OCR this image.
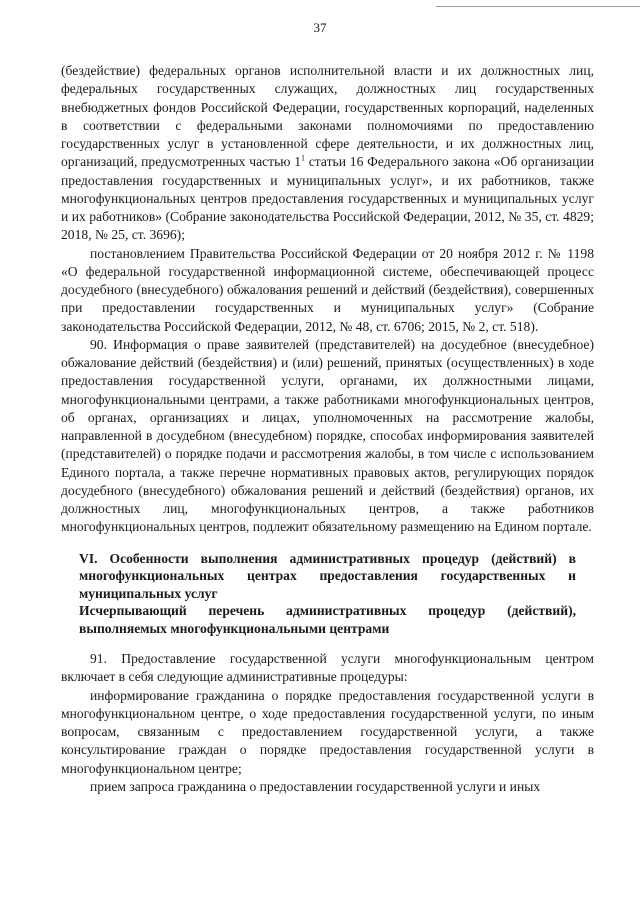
37

(бездействие) федеральных органов исполнительной власти и их должностных лиц, федеральных государственных служащих, должностных лиц государственных внебюджетных фондов Российской Федерации, государственных корпораций, наделенных в соответствии с федеральными законами полномочиями по предоставлению государственных услуг в установленной сфере деятельности, и их должностных лиц, организаций, предусмотренных частью $1^1$ статьи 16 Федерального закона «Об организации предоставления государственных и муниципальных услуг», и их работников, также многофункциональных центров предоставления государственных и муниципальных услуг и их работников» (Собрание законодательства Российской Федерации, 2012, № 35, ст. 4829; 2018, № 25, ст. 3696);

постановлением Правительства Российской Федерации от 20 ноября 2012 г. № 1198 «О федеральной государственной информационной системе, обеспечивающей процесс досудебного (внесудебного) обжалования решений и действий (бездействия), совершенных при предоставлении государственных и муниципальных услуг» (Собрание законодательства Российской Федерации, 2012, № 48, ст. 6706; 2015, № 2, ст. 518).

90. Информация о праве заявителей (представителей) на досудебное (внесудебное) обжалование действий (бездействия) и (или) решений, принятых (осуществленных) в ходе предоставления государственной услуги, органами, их должностными лицами, многофункциональными центрами, а также работниками многофункциональных центров, об органах, организациях и лицах, уполномоченных на рассмотрение жалобы, направленной в досудебном (внесудебном) порядке, способах информирования заявителей (представителей) о порядке подачи и рассмотрения жалобы, в том числе с использованием Единого портала, а также перечне нормативных правовых актов, регулирующих порядок досудебного (внесудебного) обжалования решений и действий (бездействия) органов, их должностных лиц, многофункциональных центров, а также работников многофункциональных центров, подлежит обязательному размещению на Едином портале.

VI. Особенности выполнения административных процедур (действий) в многофункциональных центрах предоставления государственных и муниципальных услуг

Исчерпывающий перечень административных процедур (действий), выполняемых многофункциональными центрами

91. Предоставление государственной услуги многофункциональным центром включает в себя следующие административные процедуры:

информирование гражданина о порядке предоставления государственной услуги в многофункциональном центре, о ходе предоставления государственной услуги, по иным вопросам, связанным с предоставлением государственной услуги, а также консультирование граждан о порядке предоставления государственной услуги в многофункциональном центре;

прием запроса гражданина о предоставлении государственной услуги и иных
